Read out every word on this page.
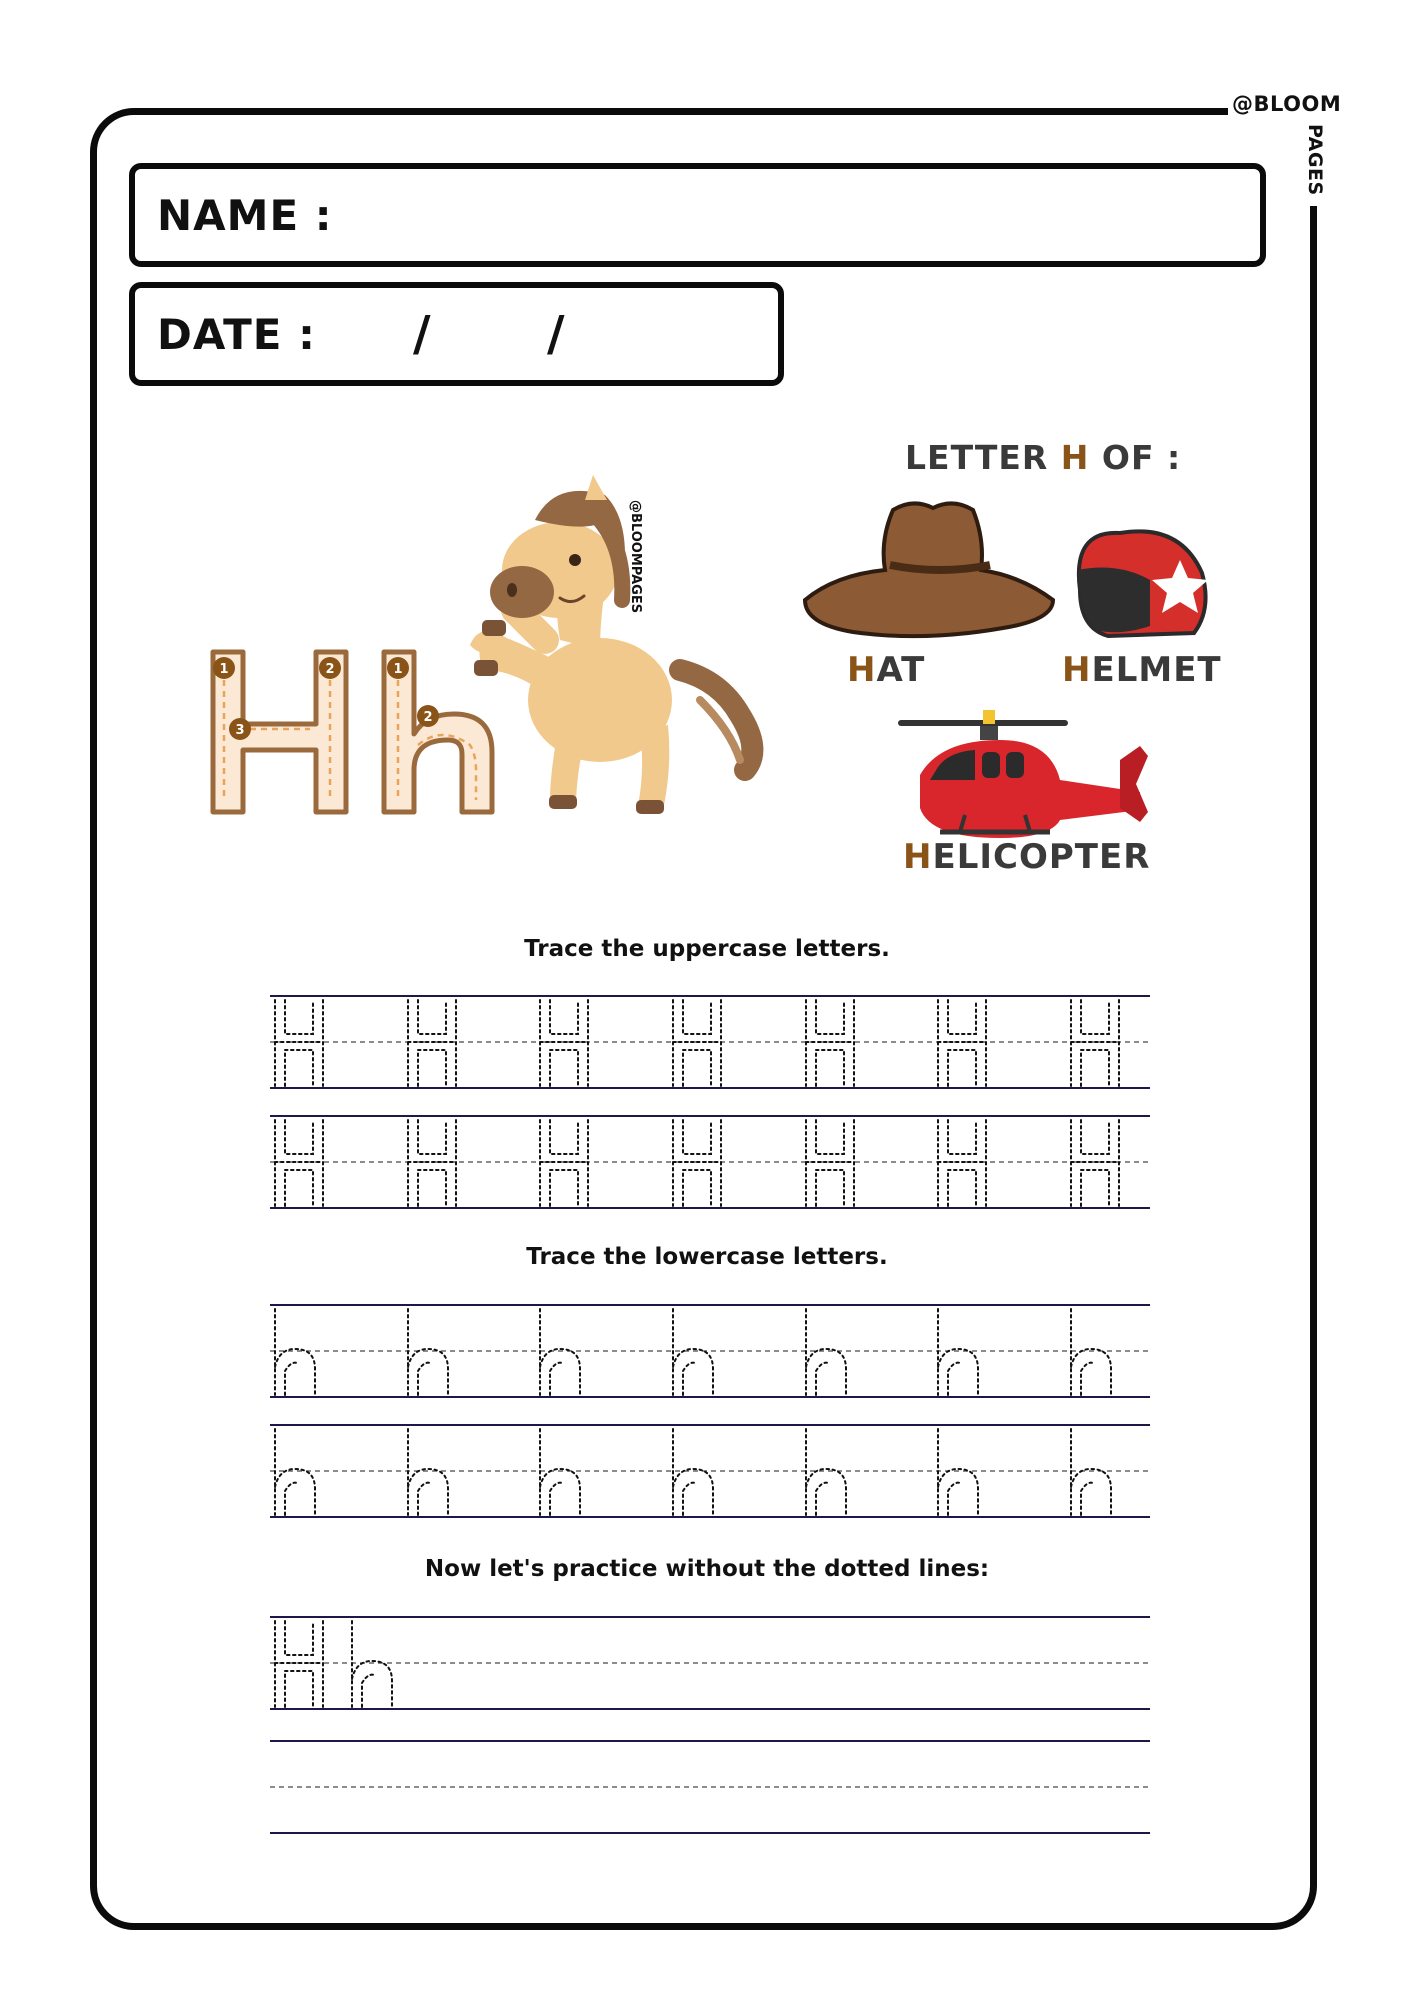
@BLOOM
PAGES
NAME :
DATE : / /
LETTER H OF :
HAT	HELMET
HELICOPTER
1	2
3
1
2
@BLOOMPAGES
Trace the uppercase letters.
Trace the lowercase letters.
Now let's practice without the dotted lines:
